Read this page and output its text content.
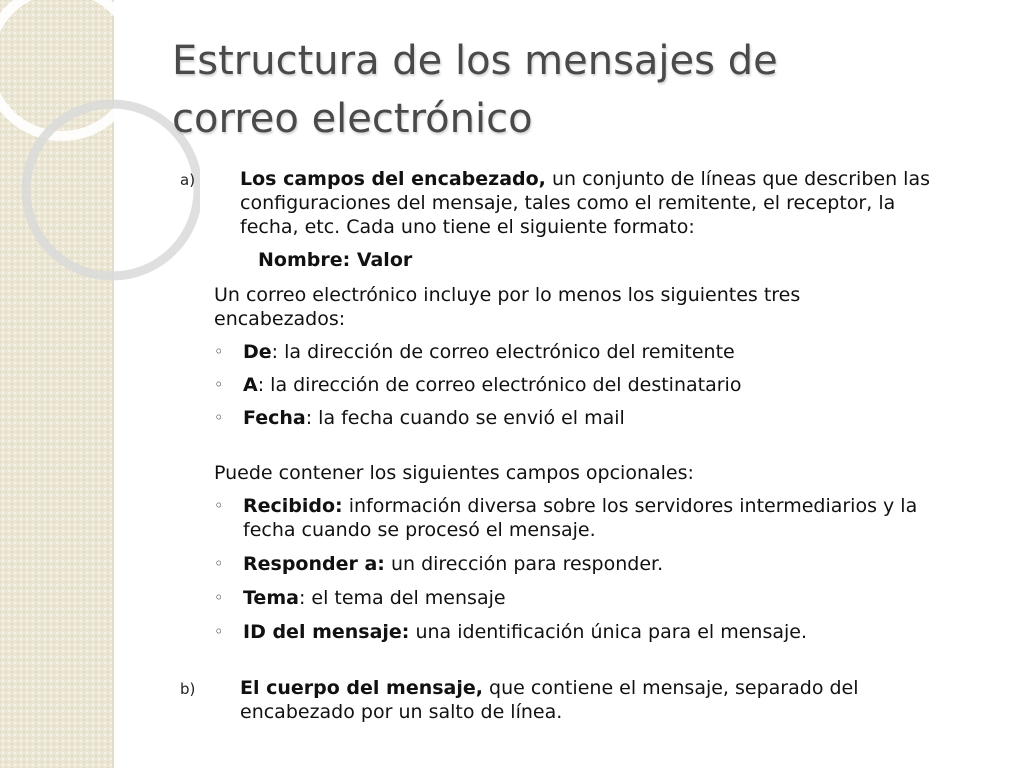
Estructura de los mensajes de
correo electrónico
a) Los campos del encabezado, un conjunto de líneas que describen las
configuraciones del mensaje, tales como el remitente, el receptor, la
fecha, etc. Cada uno tiene el siguiente formato:
Nombre: Valor
Un correo electrónico incluye por lo menos los siguientes tres
encabezados:
◦ De: la dirección de correo electrónico del remitente
◦ A: la dirección de correo electrónico del destinatario
◦ Fecha: la fecha cuando se envió el mail
Puede contener los siguientes campos opcionales:
◦ Recibido: información diversa sobre los servidores intermediarios y la
fecha cuando se procesó el mensaje.
◦ Responder a: un dirección para responder.
◦ Tema: el tema del mensaje
◦ ID del mensaje: una identificación única para el mensaje.
b) El cuerpo del mensaje, que contiene el mensaje, separado del
encabezado por un salto de línea.
